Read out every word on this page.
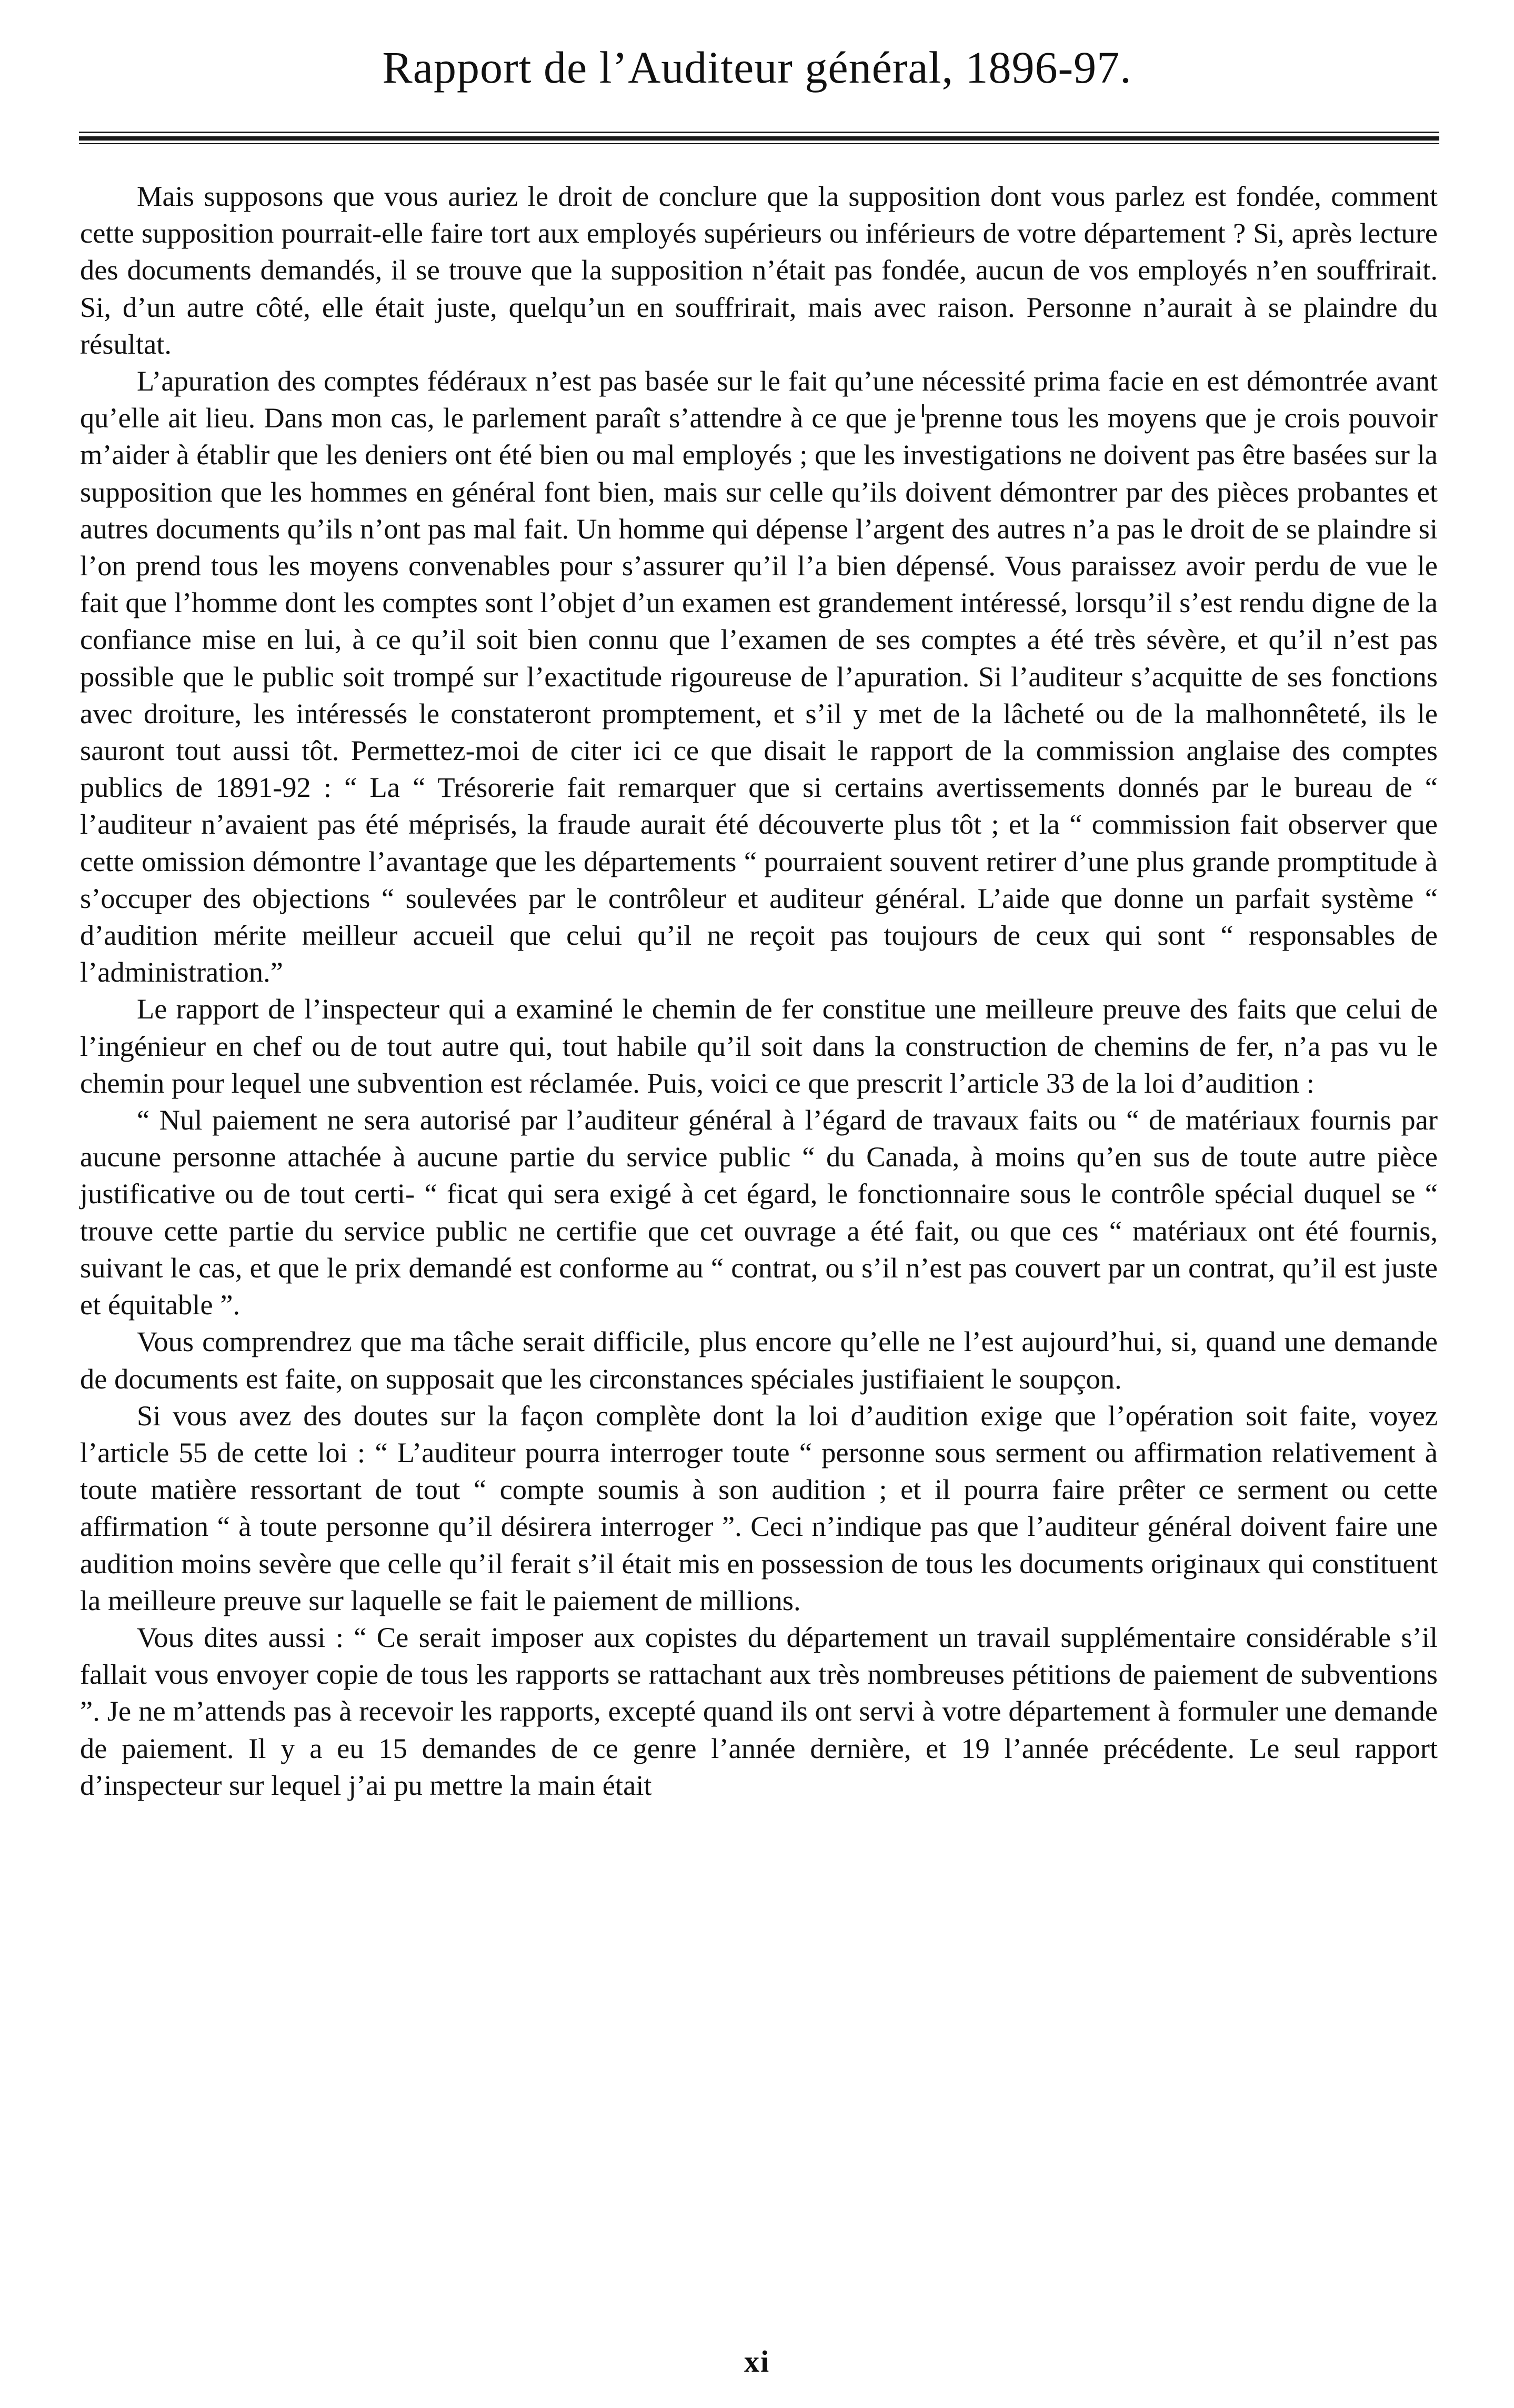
Rapport de l’Auditeur général, 1896-97.

Mais supposons que vous auriez le droit de conclure que la supposition dont vous parlez est fondée, comment cette supposition pourrait-elle faire tort aux employés supérieurs ou inférieurs de votre département ? Si, après lecture des documents demandés, il se trouve que la supposition n’était pas fondée, aucun de vos employés n’en souffrirait. Si, d’un autre côté, elle était juste, quelqu’un en souffrirait, mais avec raison. Personne n’aurait à se plaindre du résultat.

L’apuration des comptes fédéraux n’est pas basée sur le fait qu’une nécessité prima facie en est démontrée avant qu’elle ait lieu. Dans mon cas, le parlement paraît s’attendre à ce que je prenne tous les moyens que je crois pouvoir m’aider à établir que les deniers ont été bien ou mal employés ; que les investigations ne doivent pas être basées sur la supposition que les hommes en général font bien, mais sur celle qu’ils doivent démontrer par des pièces probantes et autres documents qu’ils n’ont pas mal fait. Un homme qui dépense l’argent des autres n’a pas le droit de se plaindre si l’on prend tous les moyens convenables pour s’assurer qu’il l’a bien dépensé. Vous paraissez avoir perdu de vue le fait que l’homme dont les comptes sont l’objet d’un examen est grandement intéressé, lorsqu’il s’est rendu digne de la confiance mise en lui, à ce qu’il soit bien connu que l’examen de ses comptes a été très sévère, et qu’il n’est pas possible que le public soit trompé sur l’exactitude rigoureuse de l’apuration. Si l’auditeur s’acquitte de ses fonctions avec droiture, les intéressés le constateront promptement, et s’il y met de la lâcheté ou de la malhonnêteté, ils le sauront tout aussi tôt. Permettez-moi de citer ici ce que disait le rapport de la commission anglaise des comptes publics de 1891-92 : “ La “ Trésorerie fait remarquer que si certains avertissements donnés par le bureau de “ l’auditeur n’avaient pas été méprisés, la fraude aurait été découverte plus tôt ; et la “ commission fait observer que cette omission démontre l’avantage que les départements “ pourraient souvent retirer d’une plus grande promptitude à s’occuper des objections “ soulevées par le contrôleur et auditeur général. L’aide que donne un parfait système “ d’audition mérite meilleur accueil que celui qu’il ne reçoit pas toujours de ceux qui sont “ responsables de l’administration.”

Le rapport de l’inspecteur qui a examiné le chemin de fer constitue une meilleure preuve des faits que celui de l’ingénieur en chef ou de tout autre qui, tout habile qu’il soit dans la construction de chemins de fer, n’a pas vu le chemin pour lequel une subvention est réclamée. Puis, voici ce que prescrit l’article 33 de la loi d’audition :

“ Nul paiement ne sera autorisé par l’auditeur général à l’égard de travaux faits ou “ de matériaux fournis par aucune personne attachée à aucune partie du service public “ du Canada, à moins qu’en sus de toute autre pièce justificative ou de tout certi- “ ficat qui sera exigé à cet égard, le fonctionnaire sous le contrôle spécial duquel se “ trouve cette partie du service public ne certifie que cet ouvrage a été fait, ou que ces “ matériaux ont été fournis, suivant le cas, et que le prix demandé est conforme au “ contrat, ou s’il n’est pas couvert par un contrat, qu’il est juste et équitable ”.

Vous comprendrez que ma tâche serait difficile, plus encore qu’elle ne l’est aujourd’hui, si, quand une demande de documents est faite, on supposait que les circonstances spéciales justifiaient le soupçon.

Si vous avez des doutes sur la façon complète dont la loi d’audition exige que l’opération soit faite, voyez l’article 55 de cette loi : “ L’auditeur pourra interroger toute “ personne sous serment ou affirmation relativement à toute matière ressortant de tout “ compte soumis à son audition ; et il pourra faire prêter ce serment ou cette affirmation “ à toute personne qu’il désirera interroger ”. Ceci n’indique pas que l’auditeur général doivent faire une audition moins sevère que celle qu’il ferait s’il était mis en possession de tous les documents originaux qui constituent la meilleure preuve sur laquelle se fait le paiement de millions.

Vous dites aussi : “ Ce serait imposer aux copistes du département un travail supplémentaire considérable s’il fallait vous envoyer copie de tous les rapports se rattachant aux très nombreuses pétitions de paiement de subventions ”. Je ne m’attends pas à recevoir les rapports, excepté quand ils ont servi à votre département à formuler une demande de paiement. Il y a eu 15 demandes de ce genre l’année dernière, et 19 l’année précédente. Le seul rapport d’inspecteur sur lequel j’ai pu mettre la main était

xi
